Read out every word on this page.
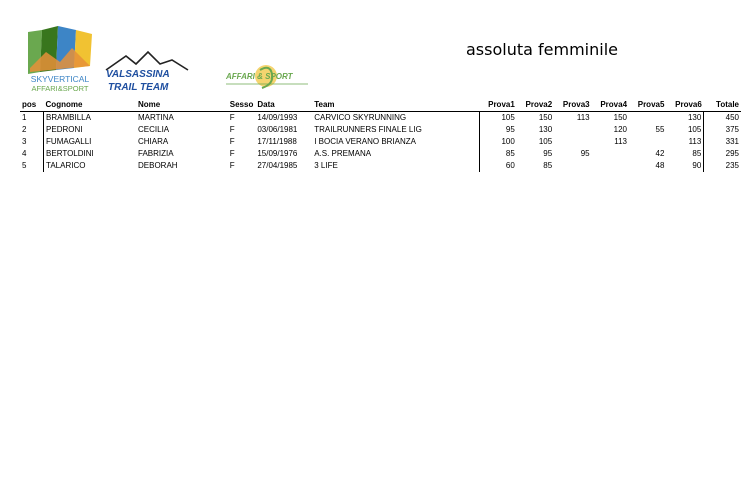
SKYVERTICAL
AFFARI&SPORT
VALSASSINA
TRAIL TEAM
AFFARI & SPORT
assoluta femminile
pos	Cognome	Nome	Sesso	Data	Team	Prova1	Prova2	Prova3	Prova4	Prova5	Prova6	Totale
1	BRAMBILLA	MARTINA	F	14/09/1993	CARVICO SKYRUNNING	105	150	113	150		130	450
2	PEDRONI	CECILIA	F	03/06/1981	TRAILRUNNERS FINALE LIG	95	130		120	55	105	375
3	FUMAGALLI	CHIARA	F	17/11/1988	I BOCIA VERANO BRIANZA	100	105		113		113	331
4	BERTOLDINI	FABRIZIA	F	15/09/1976	A.S. PREMANA	85	95	95		42	85	295
5	TALARICO	DEBORAH	F	27/04/1985	3 LIFE	60	85			48	90	235
